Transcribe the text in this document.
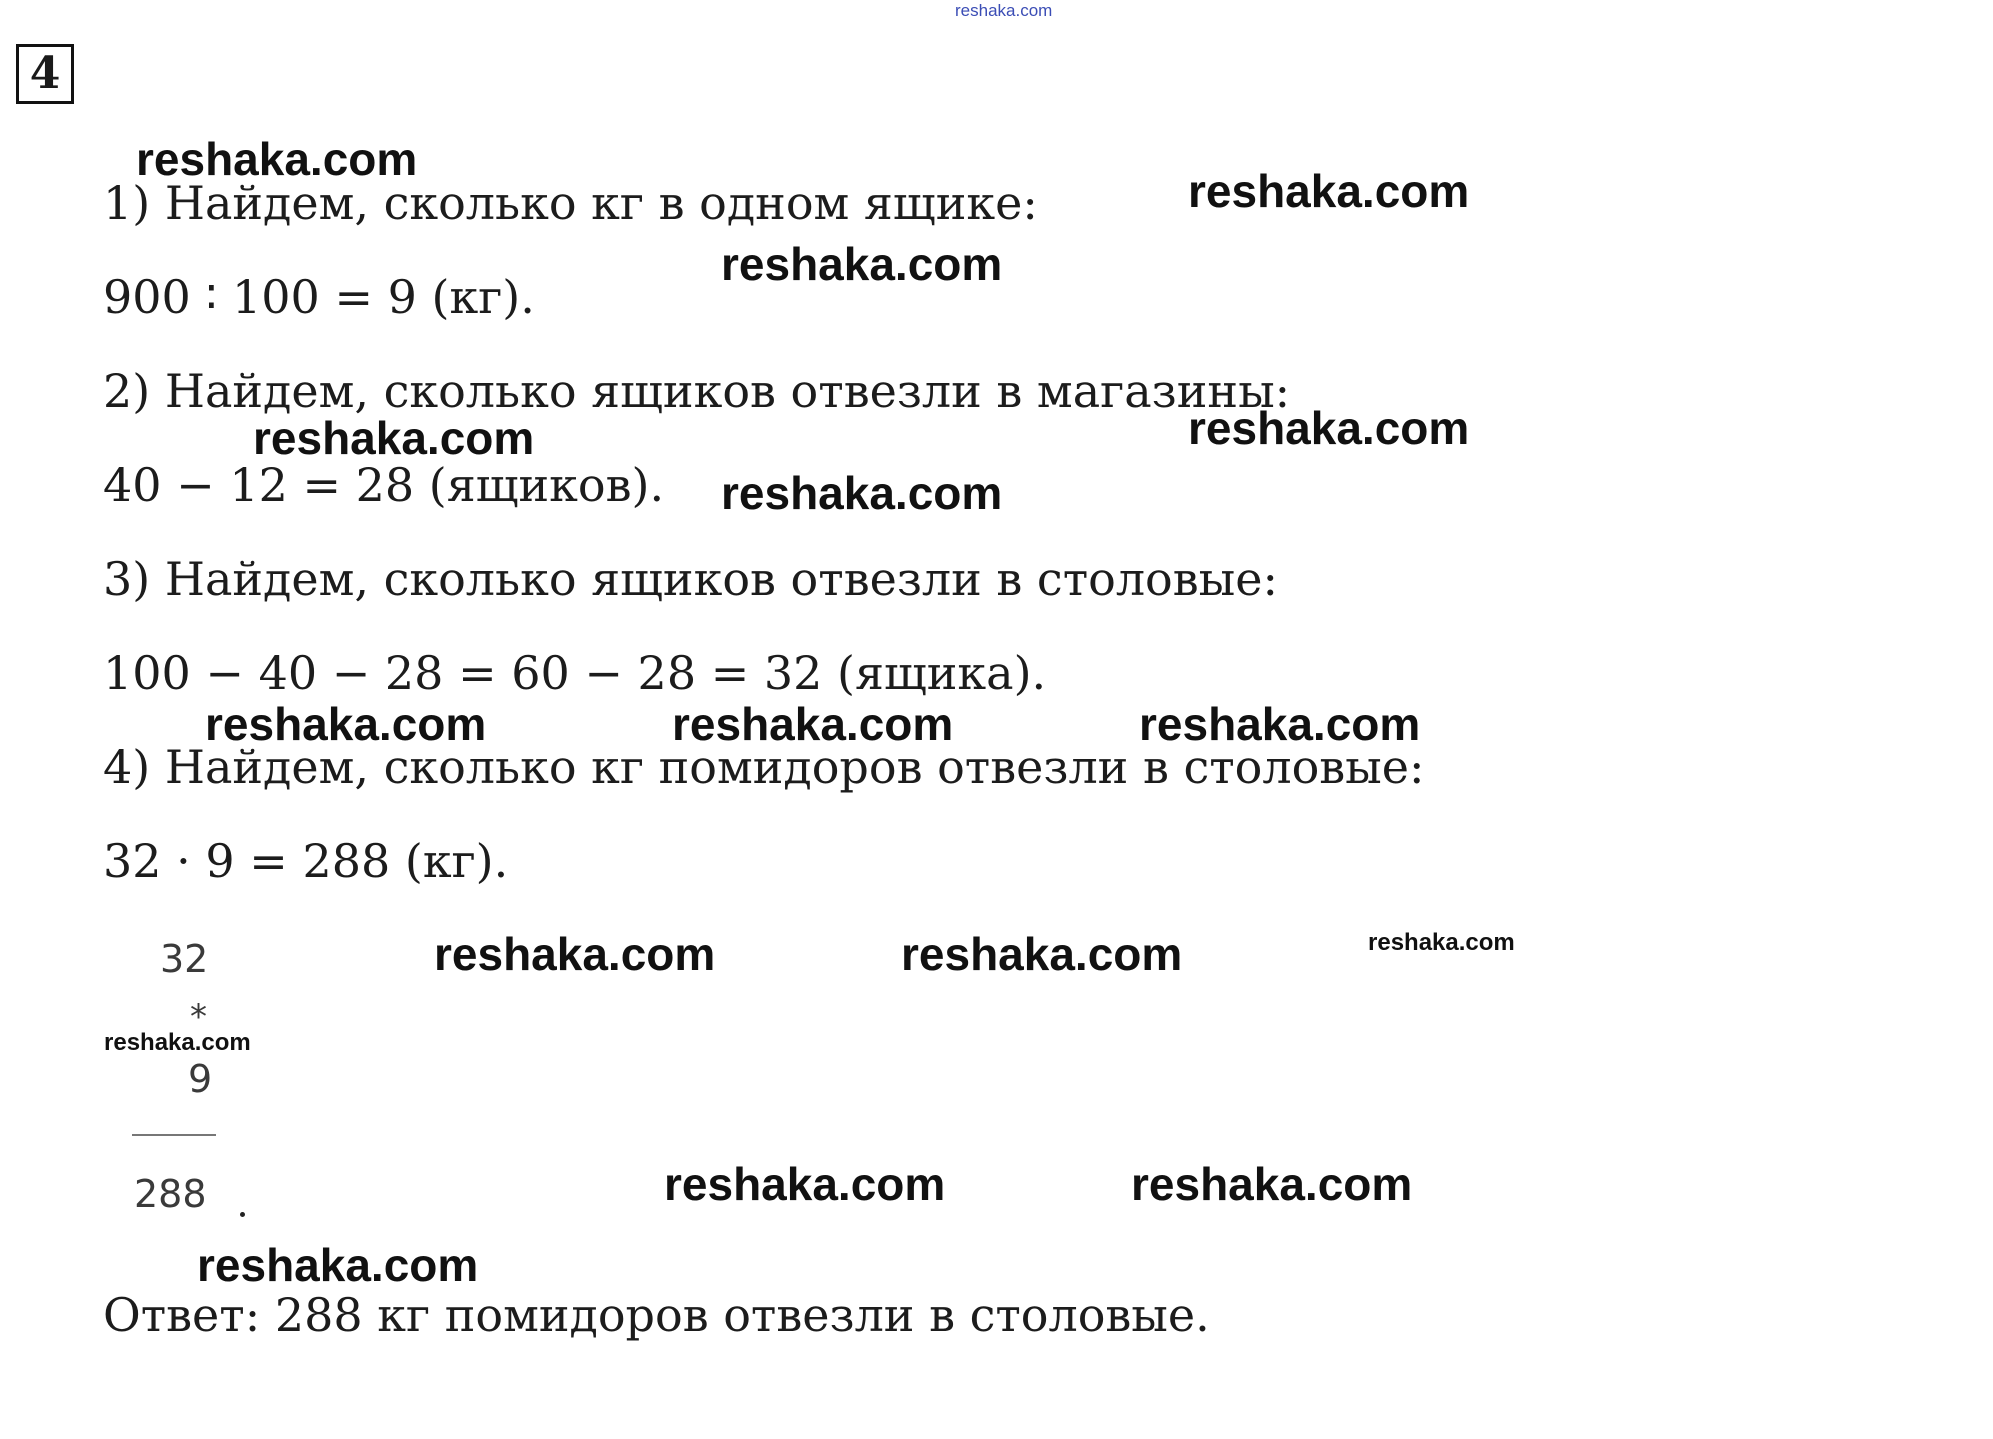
4
1) Найдем, сколько кг в одном ящике:
900 ∶ 100 = 9 (кг).
2) Найдем, сколько ящиков отвезли в магазины:
40 − 12 = 28 (ящиков).
3) Найдем, сколько ящиков отвезли в столовые:
100 − 40 − 28 = 60 − 28 = 32 (ящика).
4) Найдем, сколько кг помидоров отвезли в столовые:
32 · 9 = 288 (кг).
Ответ: 288 кг помидоров отвезли в столовые.
32
*
9
288
reshaka.com
reshaka.com
reshaka.com
reshaka.com
reshaka.com	reshaka.com
reshaka.com
reshaka.com	reshaka.com	reshaka.com
reshaka.com	reshaka.com	reshaka.com
reshaka.com
reshaka.com	reshaka.com
reshaka.com
